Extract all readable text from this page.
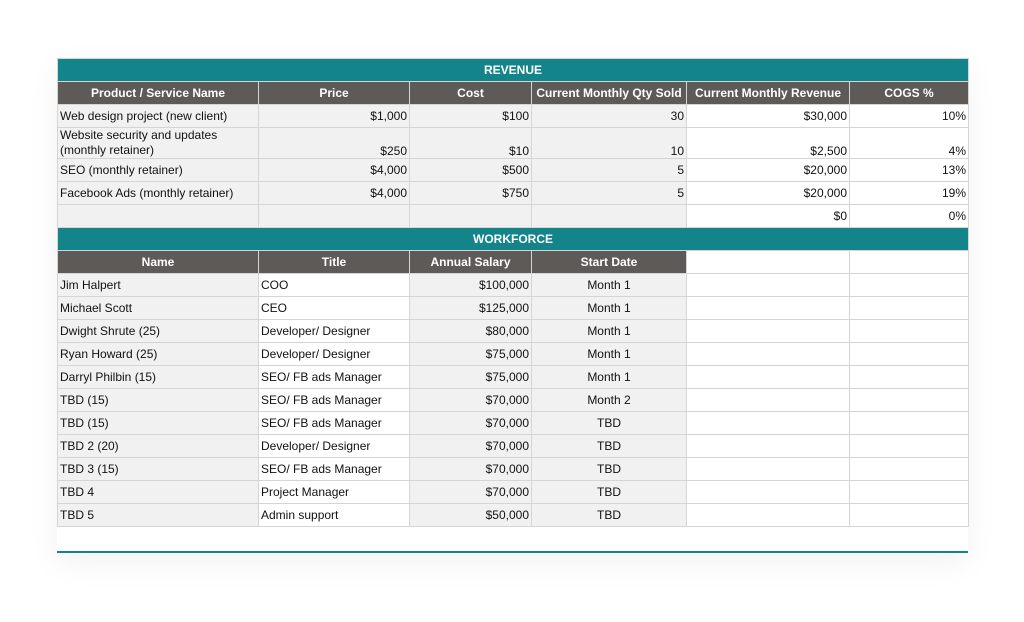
REVENUE					
Product / Service Name	Price	Cost	Current Monthly Qty Sold	Current Monthly Revenue	COGS %
Web design project (new client)	$1,000	$100	30	$30,000	10%
Website security and updates (monthly retainer)	$250	$10	10	$2,500	4%
SEO (monthly retainer)	$4,000	$500	5	$20,000	13%
Facebook Ads (monthly retainer)	$4,000	$750	5	$20,000	19%
				$0	0%
WORKFORCE					
Name	Title	Annual Salary	Start Date		
Jim Halpert	COO	$100,000	Month 1		
Michael Scott	CEO	$125,000	Month 1		
Dwight Shrute (25)	Developer/ Designer	$80,000	Month 1		
Ryan Howard (25)	Developer/ Designer	$75,000	Month 1		
Darryl Philbin (15)	SEO/ FB ads Manager	$75,000	Month 1		
TBD (15)	SEO/ FB ads Manager	$70,000	Month 2		
TBD (15)	SEO/ FB ads Manager	$70,000	TBD		
TBD 2 (20)	Developer/ Designer	$70,000	TBD		
TBD 3 (15)	SEO/ FB ads Manager	$70,000	TBD		
TBD 4	Project Manager	$70,000	TBD		
TBD 5	Admin support	$50,000	TBD		
